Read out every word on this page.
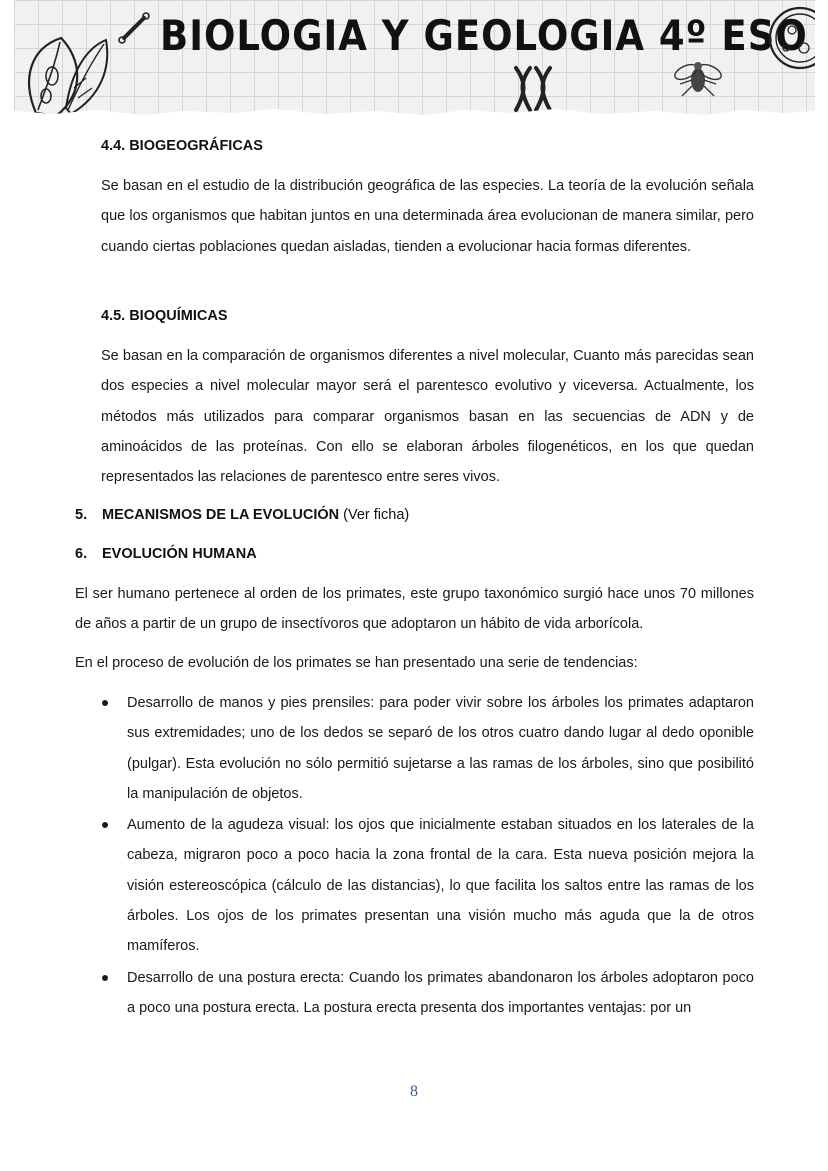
BIOLOGIA Y GEOLOGIA 4º ESO
4.4. BIOGEOGRÁFICAS

Se basan en el estudio de la distribución geográfica de las especies. La teoría de la evolución señala que los organismos que habitan juntos en una determinada área evolucionan de manera similar, pero cuando ciertas poblaciones quedan aisladas, tienden a evolucionar hacia formas diferentes.

4.5. BIOQUÍMICAS

Se basan en la comparación de organismos diferentes a nivel molecular, Cuanto más parecidas sean dos especies a nivel molecular mayor será el parentesco evolutivo y viceversa. Actualmente, los métodos más utilizados para comparar organismos basan en las secuencias de ADN y de aminoácidos de las proteínas. Con ello se elaboran árboles filogenéticos, en los que quedan representados las relaciones de parentesco entre seres vivos.

5. MECANISMOS DE LA EVOLUCIÓN (Ver ficha)
6. EVOLUCIÓN HUMANA

El ser humano pertenece al orden de los primates, este grupo taxonómico surgió hace unos 70 millones de años a partir de un grupo de insectívoros que adoptaron un hábito de vida arborícola.

En el proceso de evolución de los primates se han presentado una serie de tendencias:

Desarrollo de manos y pies prensiles: para poder vivir sobre los árboles los primates adaptaron sus extremidades; uno de los dedos se separó de los otros cuatro dando lugar al dedo oponible (pulgar). Esta evolución no sólo permitió sujetarse a las ramas de los árboles, sino que posibilitó la manipulación de objetos.
Aumento de la agudeza visual: los ojos que inicialmente estaban situados en los laterales de la cabeza, migraron poco a poco hacia la zona frontal de la cara. Esta nueva posición mejora la visión estereoscópica (cálculo de las distancias), lo que facilita los saltos entre las ramas de los árboles. Los ojos de los primates presentan una visión mucho más aguda que la de otros mamíferos.
Desarrollo de una postura erecta: Cuando los primates abandonaron los árboles adoptaron poco a poco una postura erecta. La postura erecta presenta dos importantes ventajas: por un
8
